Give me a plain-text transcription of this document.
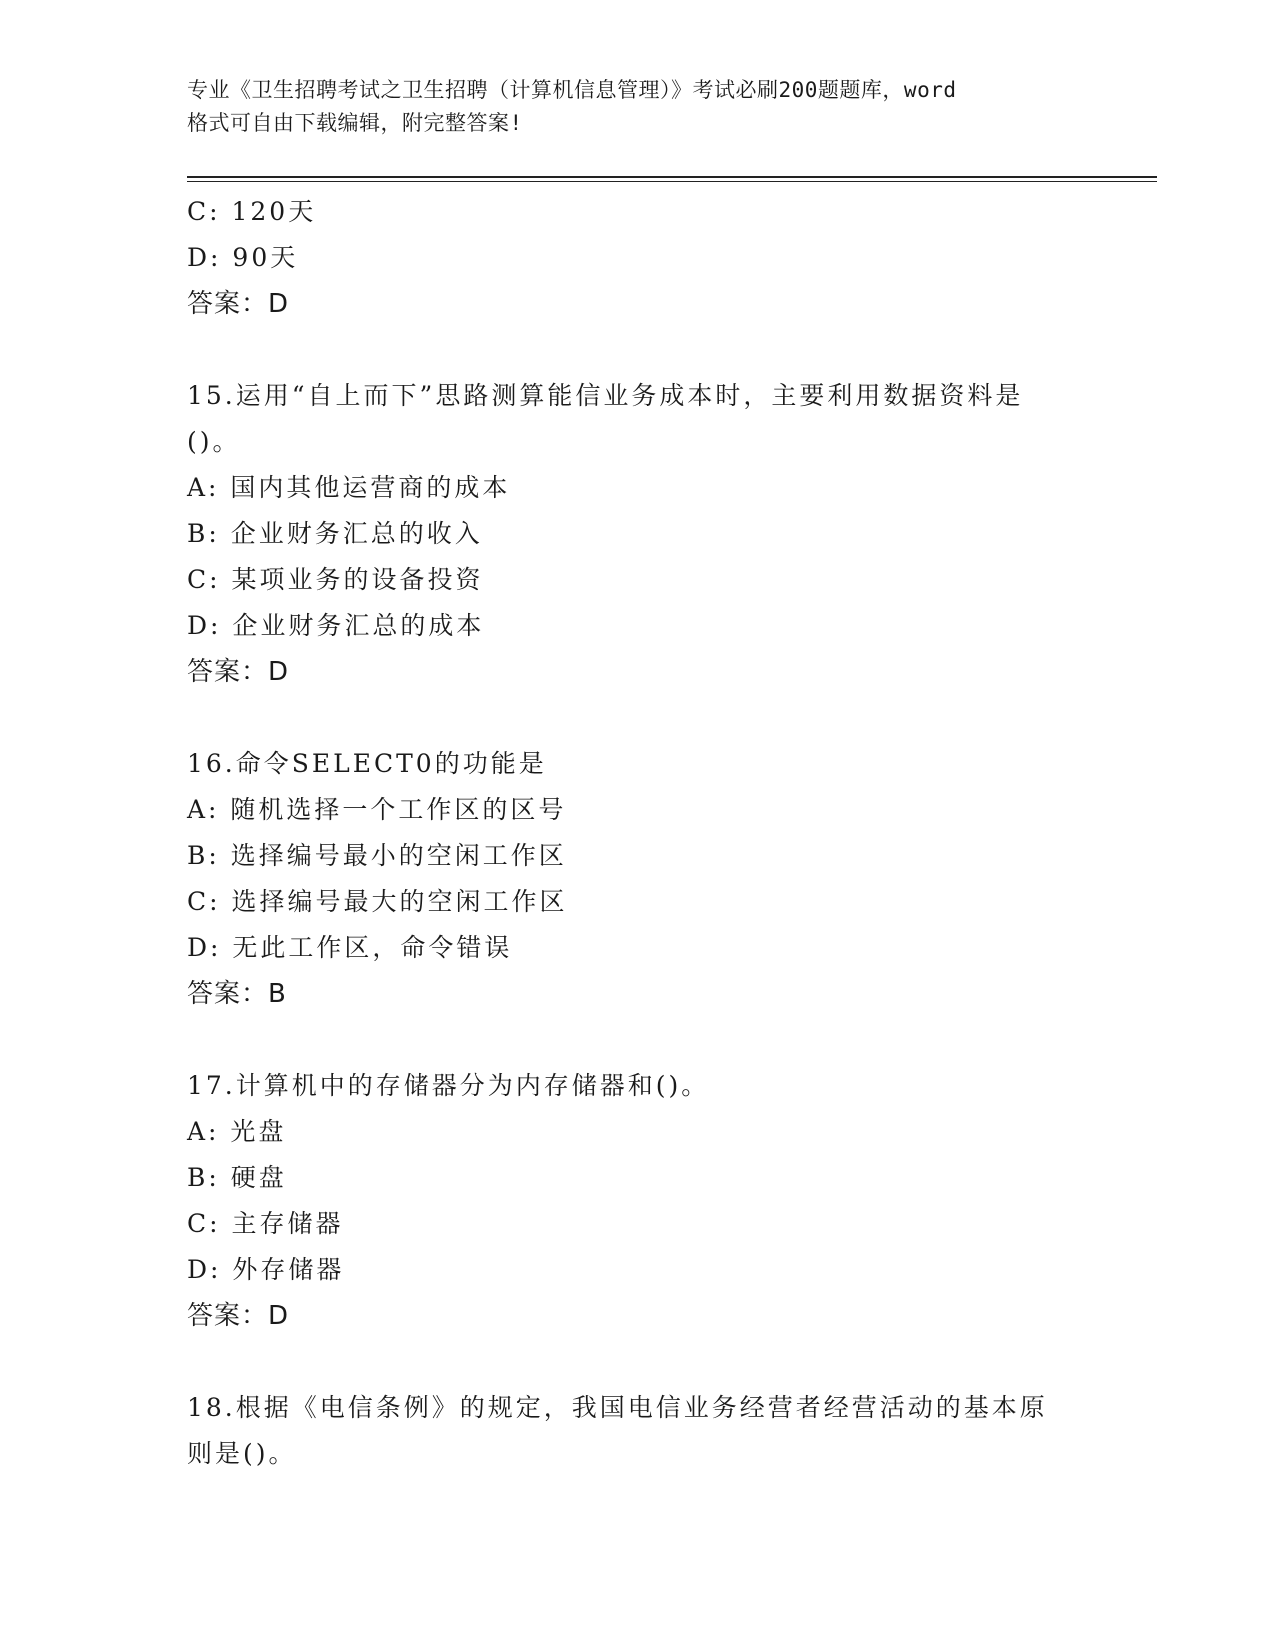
专业《卫生招聘考试之卫生招聘（计算机信息管理）》考试必刷200题题库，word
格式可自由下载编辑，附完整答案!
C: 120天
D: 90天
答案：D
15.运用“自上而下”思路测算能信业务成本时，主要利用数据资料是
()。
A: 国内其他运营商的成本
B: 企业财务汇总的收入
C: 某项业务的设备投资
D: 企业财务汇总的成本
答案：D
16.命令SELECT0的功能是
A: 随机选择一个工作区的区号
B: 选择编号最小的空闲工作区
C: 选择编号最大的空闲工作区
D: 无此工作区，命令错误
答案：B
17.计算机中的存储器分为内存储器和()。
A: 光盘
B: 硬盘
C: 主存储器
D: 外存储器
答案：D
18.根据《电信条例》的规定，我国电信业务经营者经营活动的基本原
则是()。
